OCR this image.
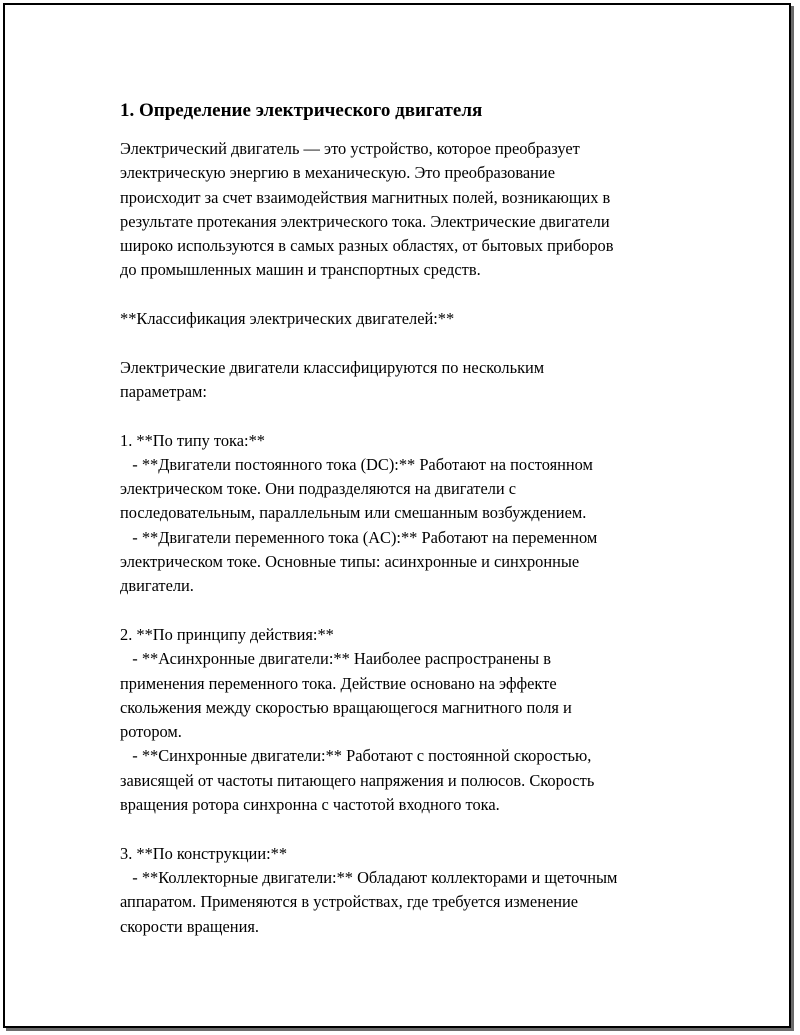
1. Определение электрического двигателя

Электрический двигатель — это устройство, которое преобразует
электрическую энергию в механическую. Это преобразование
происходит за счет взаимодействия магнитных полей, возникающих в
результате протекания электрического тока. Электрические двигатели
широко используются в самых разных областях, от бытовых приборов
до промышленных машин и транспортных средств.

**Классификация электрических двигателей:**

Электрические двигатели классифицируются по нескольким
параметрам:

1. **По типу тока:**

- **Двигатели постоянного тока (DC):** Работают на постоянном
электрическом токе. Они подразделяются на двигатели с
последовательным, параллельным или смешанным возбуждением.

- **Двигатели переменного тока (AC):** Работают на переменном
электрическом токе. Основные типы: асинхронные и синхронные
двигатели.

2. **По принципу действия:**

- **Асинхронные двигатели:** Наиболее распространены в
применения переменного тока. Действие основано на эффекте
скольжения между скоростью вращающегося магнитного поля и
ротором.

- **Синхронные двигатели:** Работают с постоянной скоростью,
зависящей от частоты питающего напряжения и полюсов. Скорость
вращения ротора синхронна с частотой входного тока.

3. **По конструкции:**

- **Коллекторные двигатели:** Обладают коллекторами и щеточным
аппаратом. Применяются в устройствах, где требуется изменение
скорости вращения.
